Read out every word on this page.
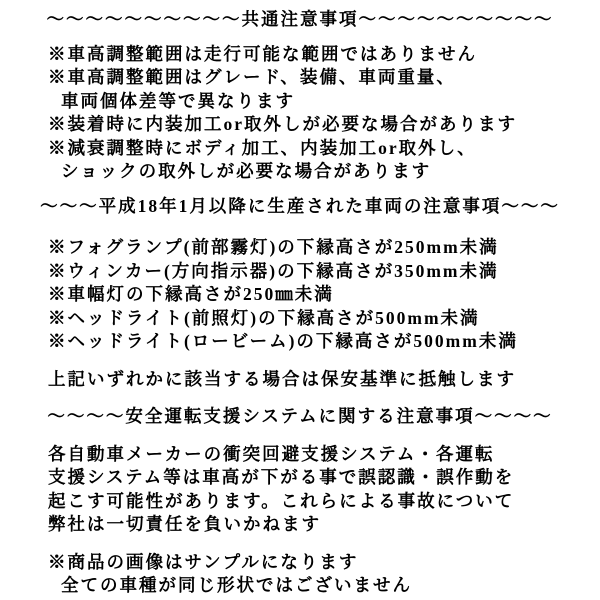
～～～～～～～～～～共通注意事項～～～～～～～～～～
※車高調整範囲は走行可能な範囲ではありません
※車高調整範囲はグレード、装備、車両重量、
車両個体差等で異なります
※装着時に内装加工or取外しが必要な場合があります
※減衰調整時にボディ加工、内装加工or取外し、
ショックの取外しが必要な場合があります
～～～平成18年1月以降に生産された車両の注意事項～～～
※フォグランプ(前部霧灯)の下縁高さが250mm未満
※ウィンカー(方向指示器)の下縁高さが350mm未満
※車幅灯の下縁高さが250㎜未満
※ヘッドライト(前照灯)の下縁高さが500mm未満
※ヘッドライト(ロービーム)の下縁高さが500mm未満
上記いずれかに該当する場合は保安基準に抵触します
～～～～安全運転支援システムに関する注意事項～～～～
各自動車メーカーの衝突回避支援システム・各運転
支援システム等は車高が下がる事で誤認識・誤作動を
起こす可能性があります。これらによる事故について
弊社は一切責任を負いかねます
※商品の画像はサンプルになります
全ての車種が同じ形状ではございません
